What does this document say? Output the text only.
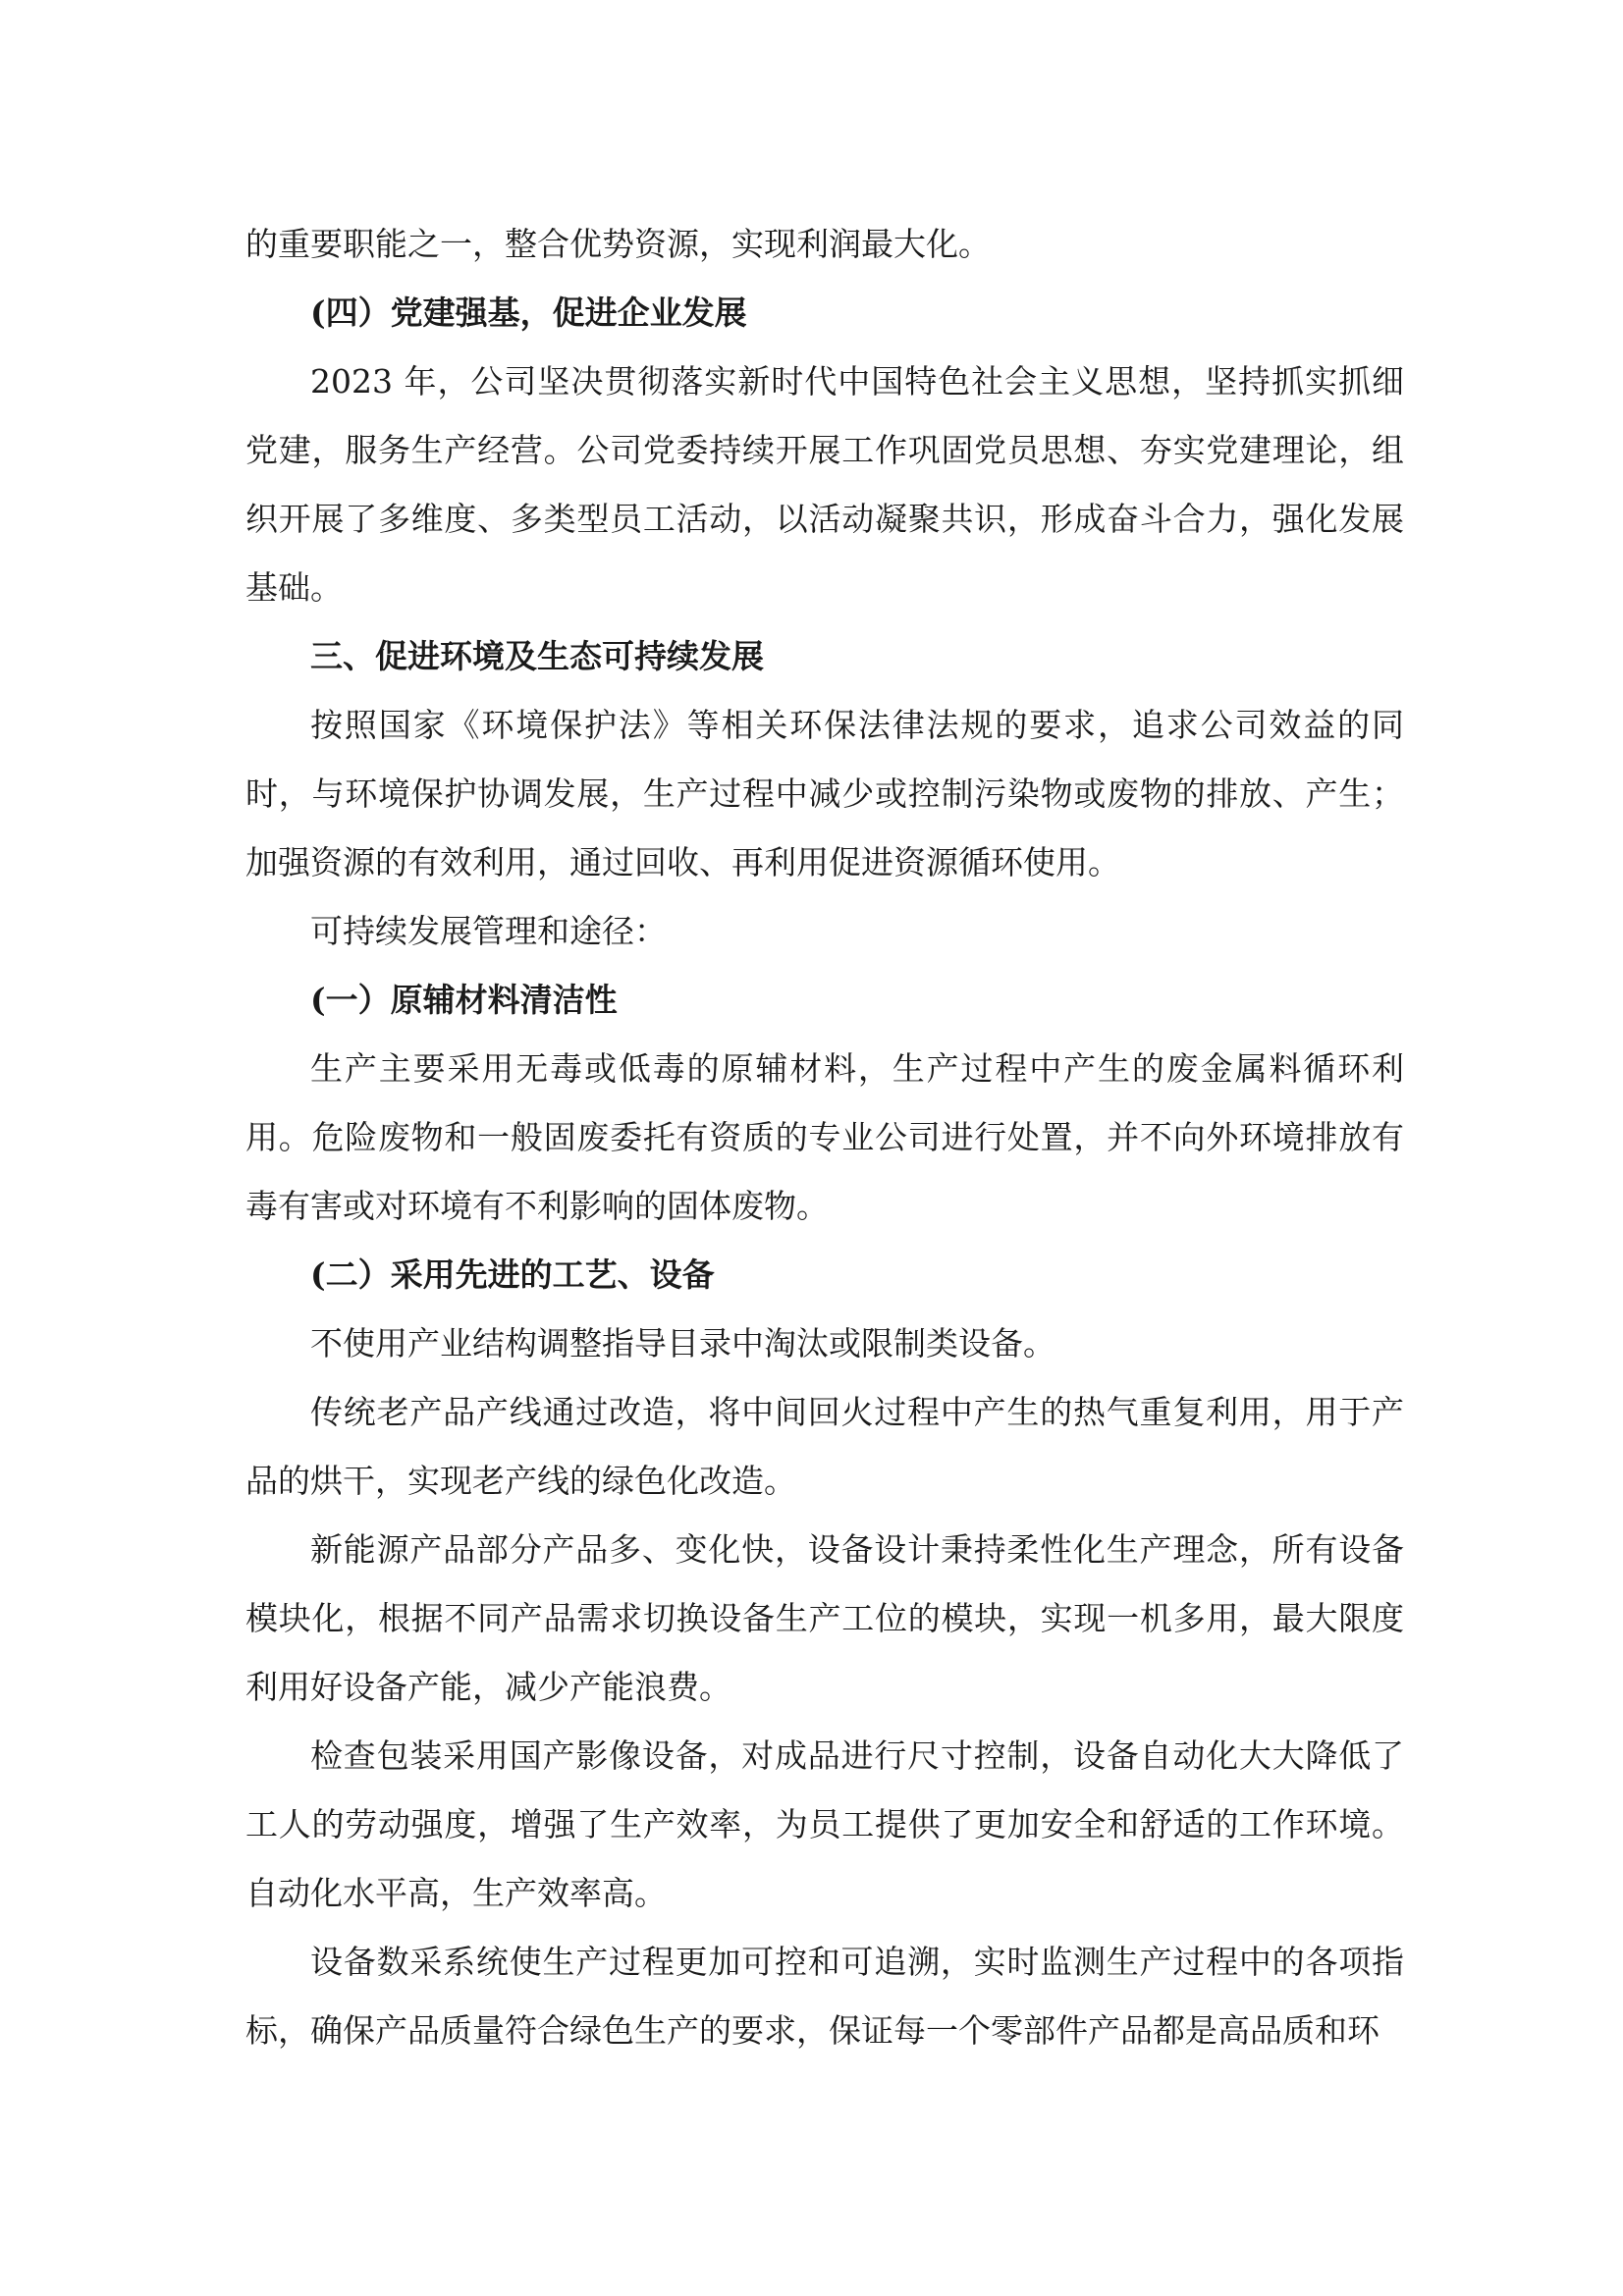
的重要职能之一，整合优势资源，实现利润最大化。

(四）党建强基，促进企业发展

2023 年，公司坚决贯彻落实新时代中国特色社会主义思想，坚持抓实抓细党建，服务生产经营。公司党委持续开展工作巩固党员思想、夯实党建理论，组织开展了多维度、多类型员工活动，以活动凝聚共识，形成奋斗合力，强化发展基础。

三、促进环境及生态可持续发展

按照国家《环境保护法》等相关环保法律法规的要求，追求公司效益的同时，与环境保护协调发展，生产过程中减少或控制污染物或废物的排放、产生；加强资源的有效利用，通过回收、再利用促进资源循环使用。

可持续发展管理和途径：

(一）原辅材料清洁性

生产主要采用无毒或低毒的原辅材料，生产过程中产生的废金属料循环利用。危险废物和一般固废委托有资质的专业公司进行处置，并不向外环境排放有毒有害或对环境有不利影响的固体废物。

(二）采用先进的工艺、设备

不使用产业结构调整指导目录中淘汰或限制类设备。

传统老产品产线通过改造，将中间回火过程中产生的热气重复利用，用于产品的烘干，实现老产线的绿色化改造。

新能源产品部分产品多、变化快，设备设计秉持柔性化生产理念，所有设备模块化，根据不同产品需求切换设备生产工位的模块，实现一机多用，最大限度利用好设备产能，减少产能浪费。

检查包装采用国产影像设备，对成品进行尺寸控制，设备自动化大大降低了工人的劳动强度，增强了生产效率，为员工提供了更加安全和舒适的工作环境。自动化水平高，生产效率高。

设备数采系统使生产过程更加可控和可追溯，实时监测生产过程中的各项指标，确保产品质量符合绿色生产的要求，保证每一个零部件产品都是高品质和环
